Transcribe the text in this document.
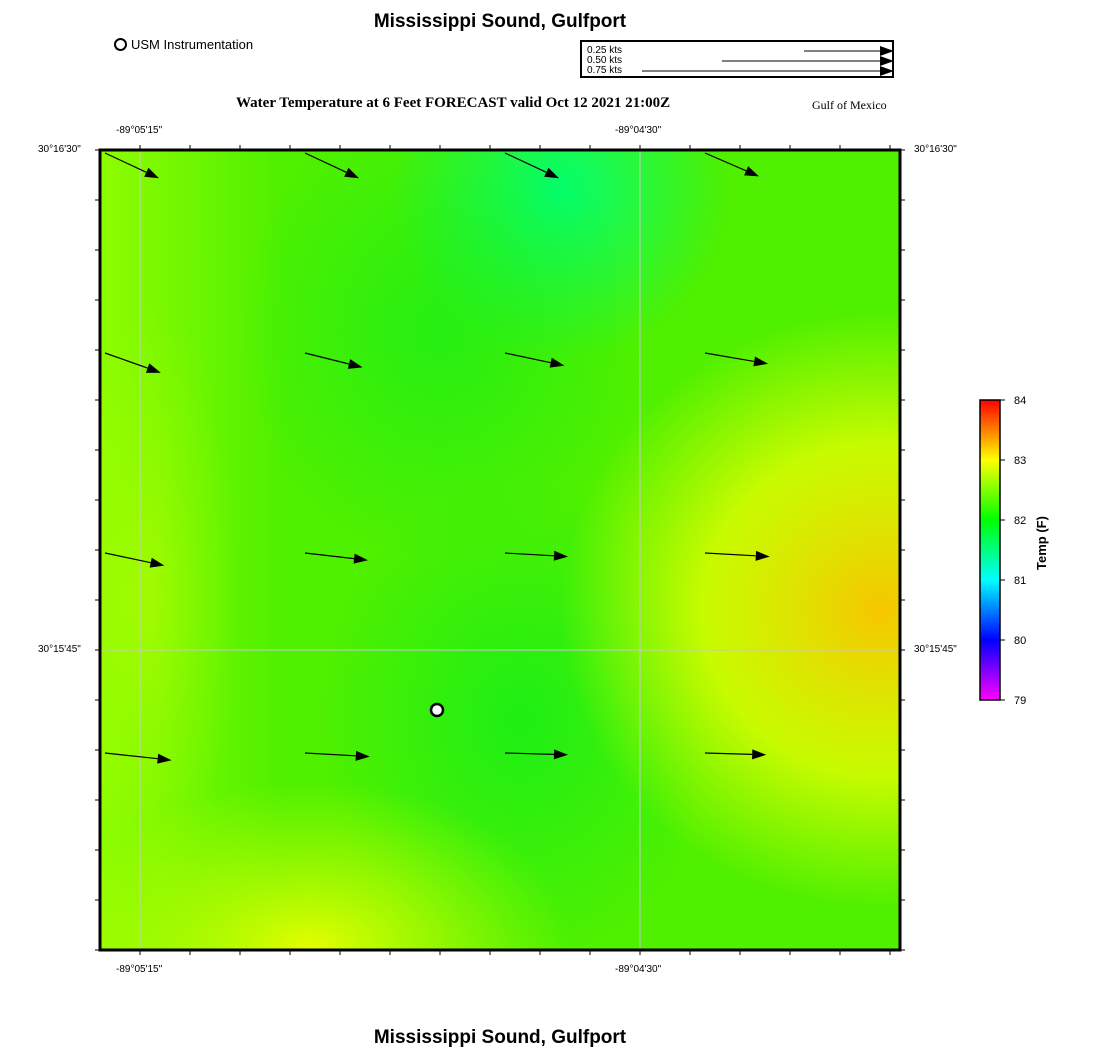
Mississippi Sound, Gulfport
USM Instrumentation	0.25 kts
0.50 kts
0.75 kts
Water Temperature at 6 Feet FORECAST valid Oct 12 2021 21:00Z	Gulf of Mexico
-89°05'15"	-89°04'30"
-89°05'15"	-89°04'30"
30°16'30"
30°15'45"
30°16'30"
30°15'45"
84
83
82
81
80
79
Temp (F)
Mississippi Sound, Gulfport
